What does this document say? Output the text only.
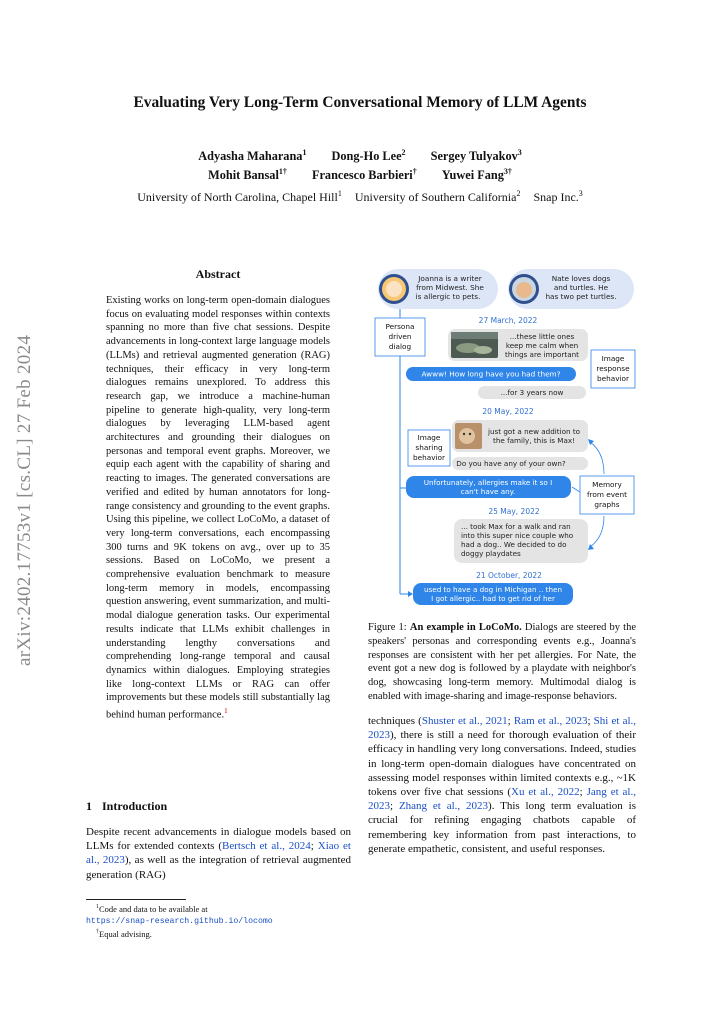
arXiv:2402.17753v1 [cs.CL] 27 Feb 2024
Evaluating Very Long-Term Conversational Memory of LLM Agents
Adyasha Maharana$^1$ Dong-Ho Lee$^2$ Sergey Tulyakov$^3$
Mohit Bansal$^{1\dagger}$ Francesco Barbieri† Yuwei Fang$^{3\dagger}$
University of North Carolina, Chapel Hill$^1$ University of Southern California$^2$ Snap Inc.$^3$
Abstract

Existing works on long-term open-domain dialogues focus on evaluating model responses within contexts spanning no more than five chat sessions. Despite advancements in long-context large language models (LLMs) and retrieval augmented generation (RAG) techniques, their efficacy in very long-term dialogues remains unexplored. To address this research gap, we introduce a machine-human pipeline to generate high-quality, very long-term dialogues by leveraging LLM-based agent architectures and grounding their dialogues on personas and temporal event graphs. Moreover, we equip each agent with the capability of sharing and reacting to images. The generated conversations are verified and edited by human annotators for long-range consistency and grounding to the event graphs. Using this pipeline, we collect LoCoMo, a dataset of very long-term conversations, each encompassing 300 turns and 9K tokens on avg., over up to 35 sessions. Based on LoCoMo, we present a comprehensive evaluation benchmark to measure long-term memory in models, encompassing question answering, event summarization, and multi-modal dialogue generation tasks. Our experimental results indicate that LLMs exhibit challenges in understanding lengthy conversations and comprehending long-range temporal and causal dynamics within dialogues. Employing strategies like long-context LLMs or RAG can offer improvements but these models still substantially lag behind human performance.$^1$

1 Introduction

Despite recent advancements in dialogue models based on LLMs for extended contexts (Bertsch et al., 2024; Xiao et al., 2023), as well as the integration of retrieval augmented generation (RAG)

$^1$Code and data to be available at
https://snap-research.github.io/locomo
†Equal advising.
Joanna is a writer
from Midwest. She
is allergic to pets.
Nate loves dogs
and turtles. He
has two pet turtles.
Persona
driven
dialog
27 March, 2022
...these little ones
keep me calm when
things are important	Image
response
behavior
Awww! How long have you had them?
...for 3 years now
20 May, 2022
Image
sharing
behavior
just got a new addition to
the family, this is Max!
Do you have any of your own?
Unfortunately, allergies make it so I
can't have any.
Memory
from event
graphs
25 May, 2022
... took Max for a walk and ran
into this super nice couple who
had a dog.. We decided to do
doggy playdates
21 October, 2022
used to have a dog in Michigan .. then
I got allergic.. had to get rid of her

Figure 1: An example in LoCoMo. Dialogs are steered by the speakers' personas and corresponding events e.g., Joanna's responses are consistent with her pet allergies. For Nate, the event got a new dog is followed by a playdate with neighbor's dog, showcasing long-term memory. Multimodal dialog is enabled with image-sharing and image-response behaviors.

techniques (Shuster et al., 2021; Ram et al., 2023; Shi et al., 2023), there is still a need for thorough evaluation of their efficacy in handling very long conversations. Indeed, studies in long-term open-domain dialogues have concentrated on assessing model responses within limited contexts e.g., ~1K tokens over five chat sessions (Xu et al., 2022; Jang et al., 2023; Zhang et al., 2023). This long term evaluation is crucial for refining engaging chatbots capable of remembering key information from past interactions, to generate empathetic, consistent, and useful responses.
